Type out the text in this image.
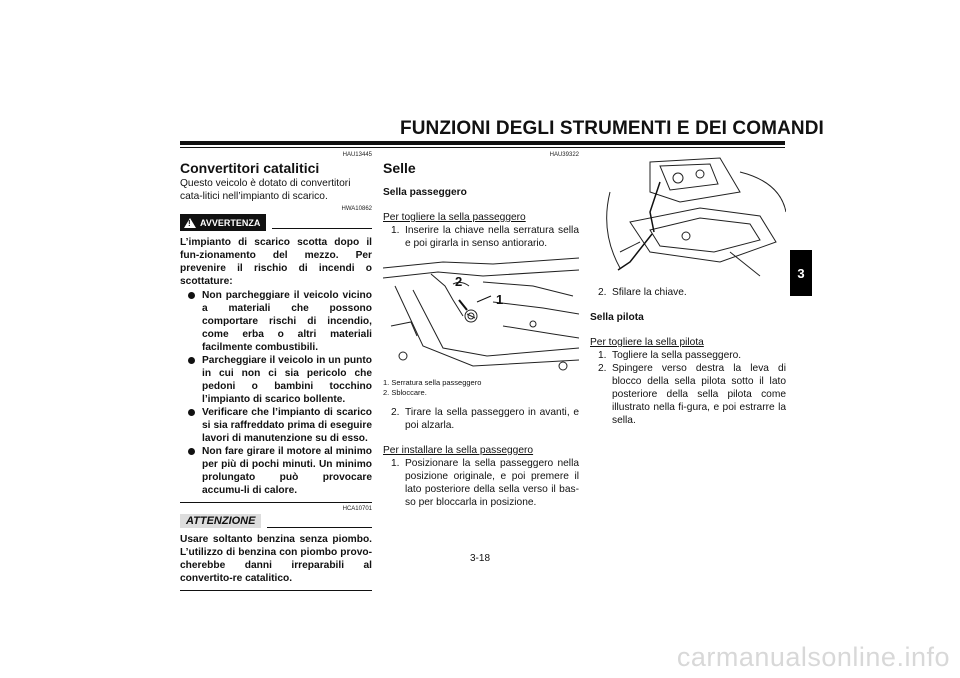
FUNZIONI DEGLI STRUMENTI E DEI COMANDI
3
HAU13445
Convertitori catalitici
Questo veicolo è dotato di convertitori cata-litici nell’impianto di scarico.
HWA10862
! AVVERTENZA
L’impianto di scarico scotta dopo il fun-zionamento del mezzo. Per prevenire il rischio di incendi o scottature:
Non parcheggiare il veicolo vicino a materiali che possono comportare rischi di incendio, come erba o altri materiali facilmente combustibili.
Parcheggiare il veicolo in un punto in cui non ci sia pericolo che pedoni o bambini tocchino l’impianto di scarico bollente.
Verificare che l’impianto di scarico si sia raffreddato prima di eseguire lavori di manutenzione su di esso.
Non fare girare il motore al minimo per più di pochi minuti. Un minimo prolungato può provocare accumu-li di calore.
HCA10701
ATTENZIONE
Usare soltanto benzina senza piombo. L’utilizzo di benzina con piombo provo-cherebbe danni irreparabili al convertito-re catalitico.
HAU39322
Selle
Sella passeggero
Per togliere la sella passeggero
1. Inserire la chiave nella serratura sella e poi girarla in senso antiorario.
2
1
1. Serratura sella passeggero
2. Sbloccare.
2. Tirare la sella passeggero in avanti, e poi alzarla.
Per installare la sella passeggero
1. Posizionare la sella passeggero nella posizione originale, e poi premere il lato posteriore della sella verso il bas-so per bloccarla in posizione.
2. Sfilare la chiave.
Sella pilota
Per togliere la sella pilota
1. Togliere la sella passeggero.
2. Spingere verso destra la leva di blocco della sella pilota sotto il lato posteriore della sella pilota come illustrato nella fi-gura, e poi estrarre la sella.
3-18
carmanualsonline.info
